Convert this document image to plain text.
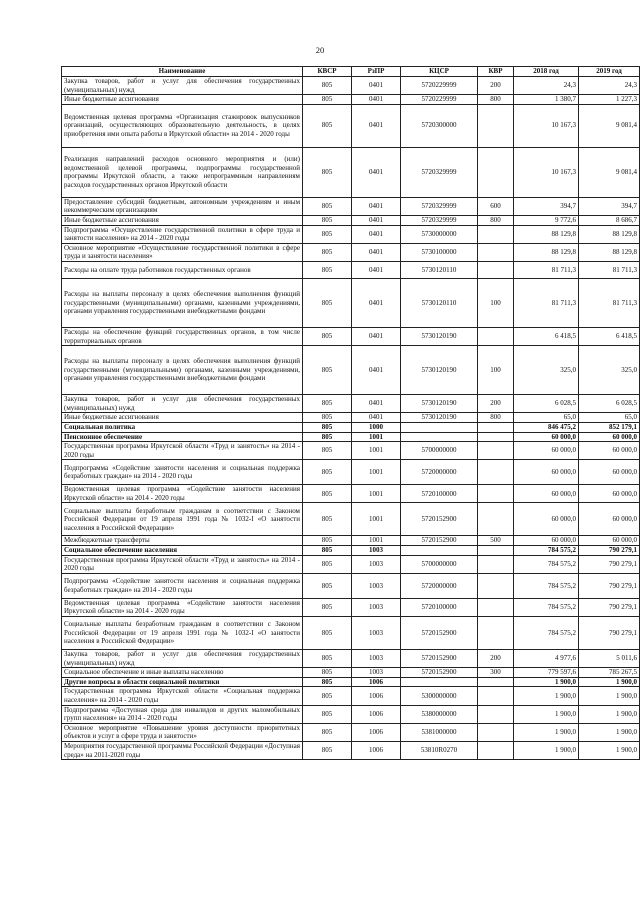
20
Наименование	КВСР	РзПР	КЦСР	КВР	2018 год	2019 год
Закупка товаров, работ и услуг для обеспечения государственных (муниципальных) нужд	805	0401	5720229999	200	24,3	24,3
Иные бюджетные ассигнования	805	0401	5720229999	800	1 380,7	1 227,3
Ведомственная целевая программа «Организация стажировок выпускников организаций, осуществляющих образовательную деятельность, в целях приобретения ими опыта работы в Иркутской области» на 2014 - 2020 годы	805	0401	5720300000		10 167,3	9 081,4
Реализация направлений расходов основного мероприятия и (или) ведомственной целевой программы, подпрограммы государственной программы Иркутской области, а также непрограммным направлениям расходов государственных органов Иркутской области	805	0401	5720329999		10 167,3	9 081,4
Предоставление субсидий бюджетным, автономным учреждениям и иным некоммерческим организациям	805	0401	5720329999	600	394,7	394,7
Иные бюджетные ассигнования	805	0401	5720329999	800	9 772,6	8 686,7
Подпрограмма «Осуществление государственной политики в сфере труда и занятости населения» на 2014 - 2020 годы	805	0401	5730000000		88 129,8	88 129,8
Основное мероприятие «Осуществление государственной политики в сфере труда и занятости населения»	805	0401	5730100000		88 129,8	88 129,8
Расходы на оплате труда работников государственных органов	805	0401	5730120110		81 711,3	81 711,3
Расходы на выплаты персоналу в целях обеспечения выполнения функций государственными (муниципальными) органами, казенными учреждениями, органами управления государственными внебюджетными фондами	805	0401	5730120110	100	81 711,3	81 711,3
Расходы на обеспечение функций государственных органов, в том числе территориальных органов	805	0401	5730120190		6 418,5	6 418,5
Расходы на выплаты персоналу в целях обеспечения выполнения функций государственными (муниципальными) органами, казенными учреждениями, органами управления государственными внебюджетными фондами	805	0401	5730120190	100	325,0	325,0
Закупка товаров, работ и услуг для обеспечения государственных (муниципальных) нужд	805	0401	5730120190	200	6 028,5	6 028,5
Иные бюджетные ассигнования	805	0401	5730120190	800	65,0	65,0
Социальная политика	805	1000			846 475,2	852 179,1
Пенсионное обеспечение	805	1001			60 000,0	60 000,0
Государственная программа Иркутской области «Труд и занятость» на 2014 - 2020 годы	805	1001	5700000000		60 000,0	60 000,0
Подпрограмма «Содействие занятости населения и социальная поддержка безработных граждан» на 2014 - 2020 годы	805	1001	5720000000		60 000,0	60 000,0
Ведомственная целевая программа «Содействие занятости населения Иркутской области» на 2014 - 2020 годы	805	1001	5720100000		60 000,0	60 000,0
Социальные выплаты безработным гражданам в соответствии с Законом Российской Федерации от 19 апреля 1991 года № 1032-I «О занятости населения в Российской Федерации»	805	1001	5720152900		60 000,0	60 000,0
Межбюджетные трансферты	805	1001	5720152900	500	60 000,0	60 000,0
Социальное обеспечение населения	805	1003			784 575,2	790 279,1
Государственная программа Иркутской области «Труд и занятость» на 2014 - 2020 годы	805	1003	5700000000		784 575,2	790 279,1
Подпрограмма «Содействие занятости населения и социальная поддержка безработных граждан» на 2014 - 2020 годы	805	1003	5720000000		784 575,2	790 279,1
Ведомственная целевая программа «Содействие занятости населения Иркутской области» на 2014 - 2020 годы	805	1003	5720100000		784 575,2	790 279,1
Социальные выплаты безработным гражданам в соответствии с Законом Российской Федерации от 19 апреля 1991 года № 1032-I «О занятости населения в Российской Федерации»	805	1003	5720152900		784 575,2	790 279,1
Закупка товаров, работ и услуг для обеспечения государственных (муниципальных) нужд	805	1003	5720152900	200	4 977,6	5 011,6
Социальное обеспечение и иные выплаты населению	805	1003	5720152900	300	779 597,6	785 267,5
Другие вопросы в области социальной политики	805	1006			1 900,0	1 900,0
Государственная программа Иркутской области «Социальная поддержка населения» на 2014 - 2020 годы	805	1006	5300000000		1 900,0	1 900,0
Подпрограмма «Доступная среда для инвалидов и других маломобильных групп населения» на 2014 - 2020 годы	805	1006	5380000000		1 900,0	1 900,0
Основное мероприятие «Повышение уровня доступности приоритетных объектов и услуг в сфере труда и занятости»	805	1006	5381000000		1 900,0	1 900,0
Мероприятия государственной программы Российской Федерации «Доступная среда» на 2011-2020 годы	805	1006	53810R0270		1 900,0	1 900,0
